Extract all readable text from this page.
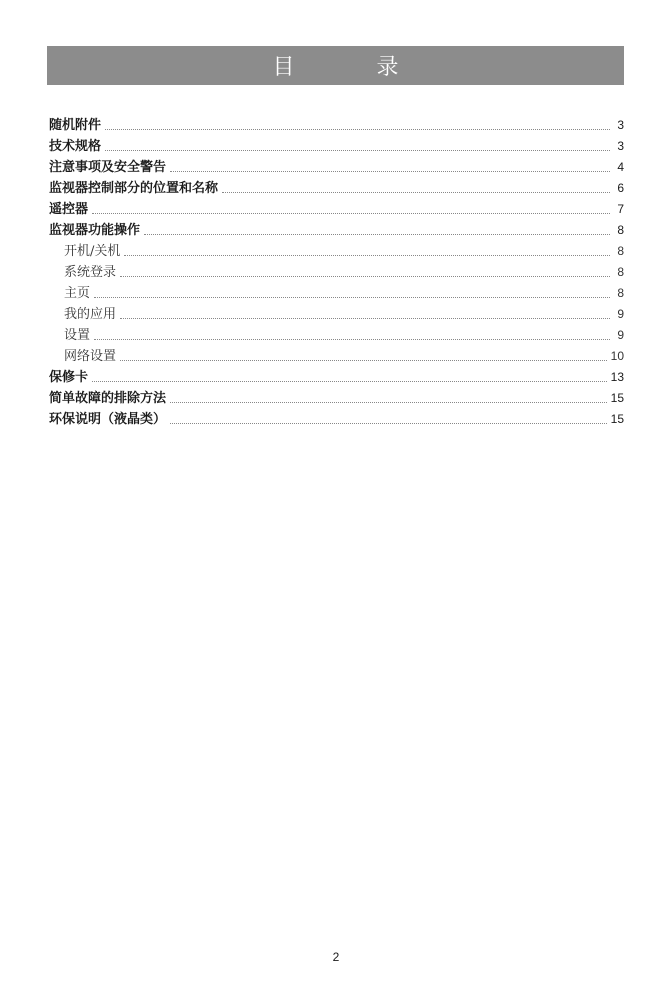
目　录
随机附件	3
技术规格	3
注意事项及安全警告	4
监视器控制部分的位置和名称	6
遥控器	7
监视器功能操作	8
开机/关机	8
系统登录	8
主页	8
我的应用	9
设置	9
网络设置	10
保修卡	13
简单故障的排除方法	15
环保说明（液晶类）	15
2
